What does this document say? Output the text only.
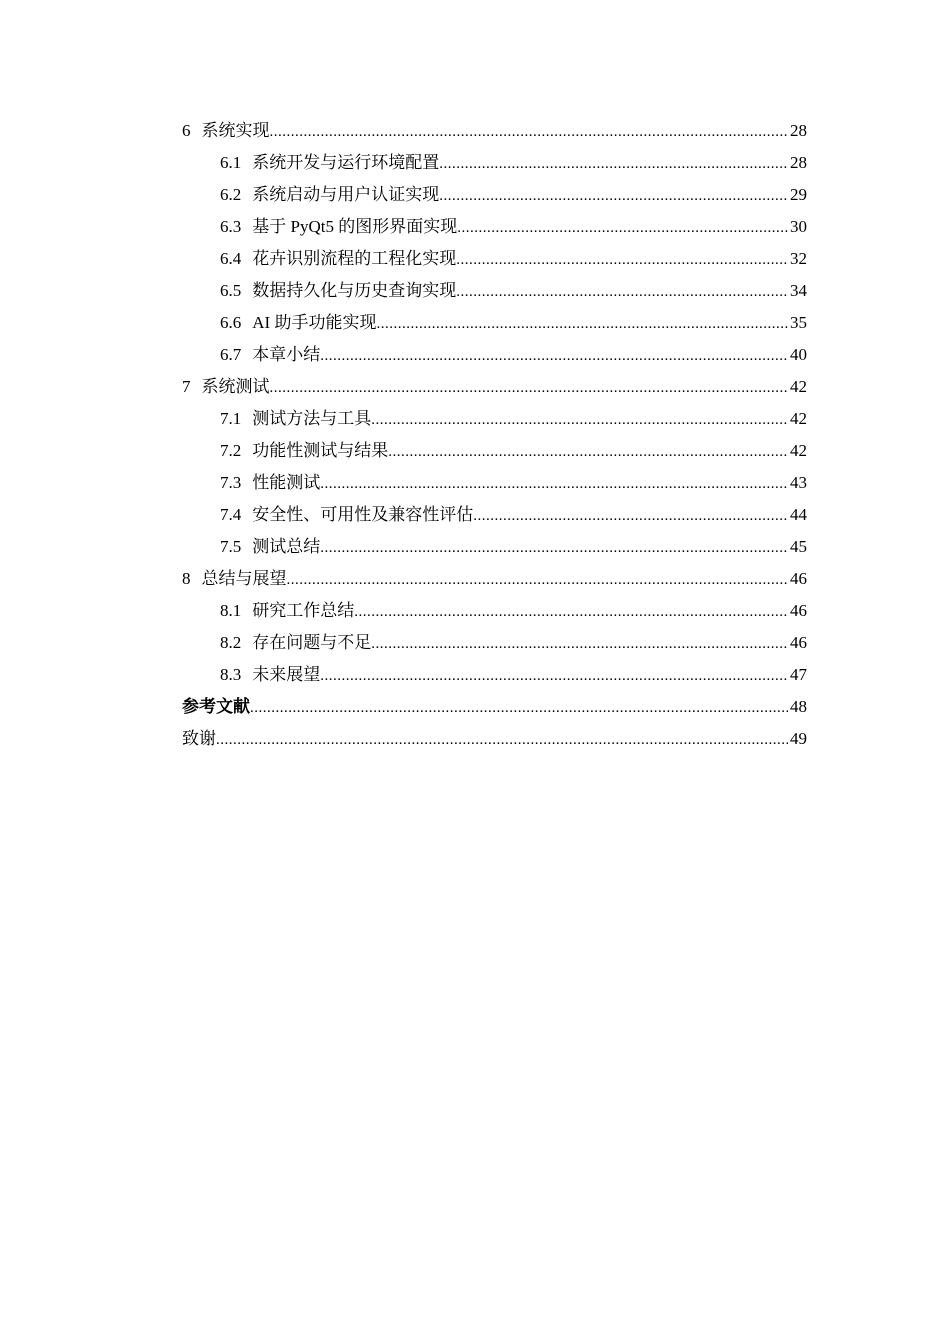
6 系统实现 .....	28
6.1 系统开发与运行环境配置 .....	28
6.2 系统启动与用户认证实现 .....	29
6.3 基于 PyQt5 的图形界面实现 .....	30
6.4 花卉识别流程的工程化实现 .....	32
6.5 数据持久化与历史查询实现 .....	34
6.6 AI 助手功能实现 .....	35
6.7 本章小结 .....	40
7 系统测试 .....	42
7.1 测试方法与工具 .....	42
7.2 功能性测试与结果 .....	42
7.3 性能测试 .....	43
7.4 安全性、可用性及兼容性评估 .....	44
7.5 测试总结 .....	45
8 总结与展望 .....	46
8.1 研究工作总结 .....	46
8.2 存在问题与不足 .....	46
8.3 未来展望 .....	47
参考文献 .....	48
致谢 .....	49
